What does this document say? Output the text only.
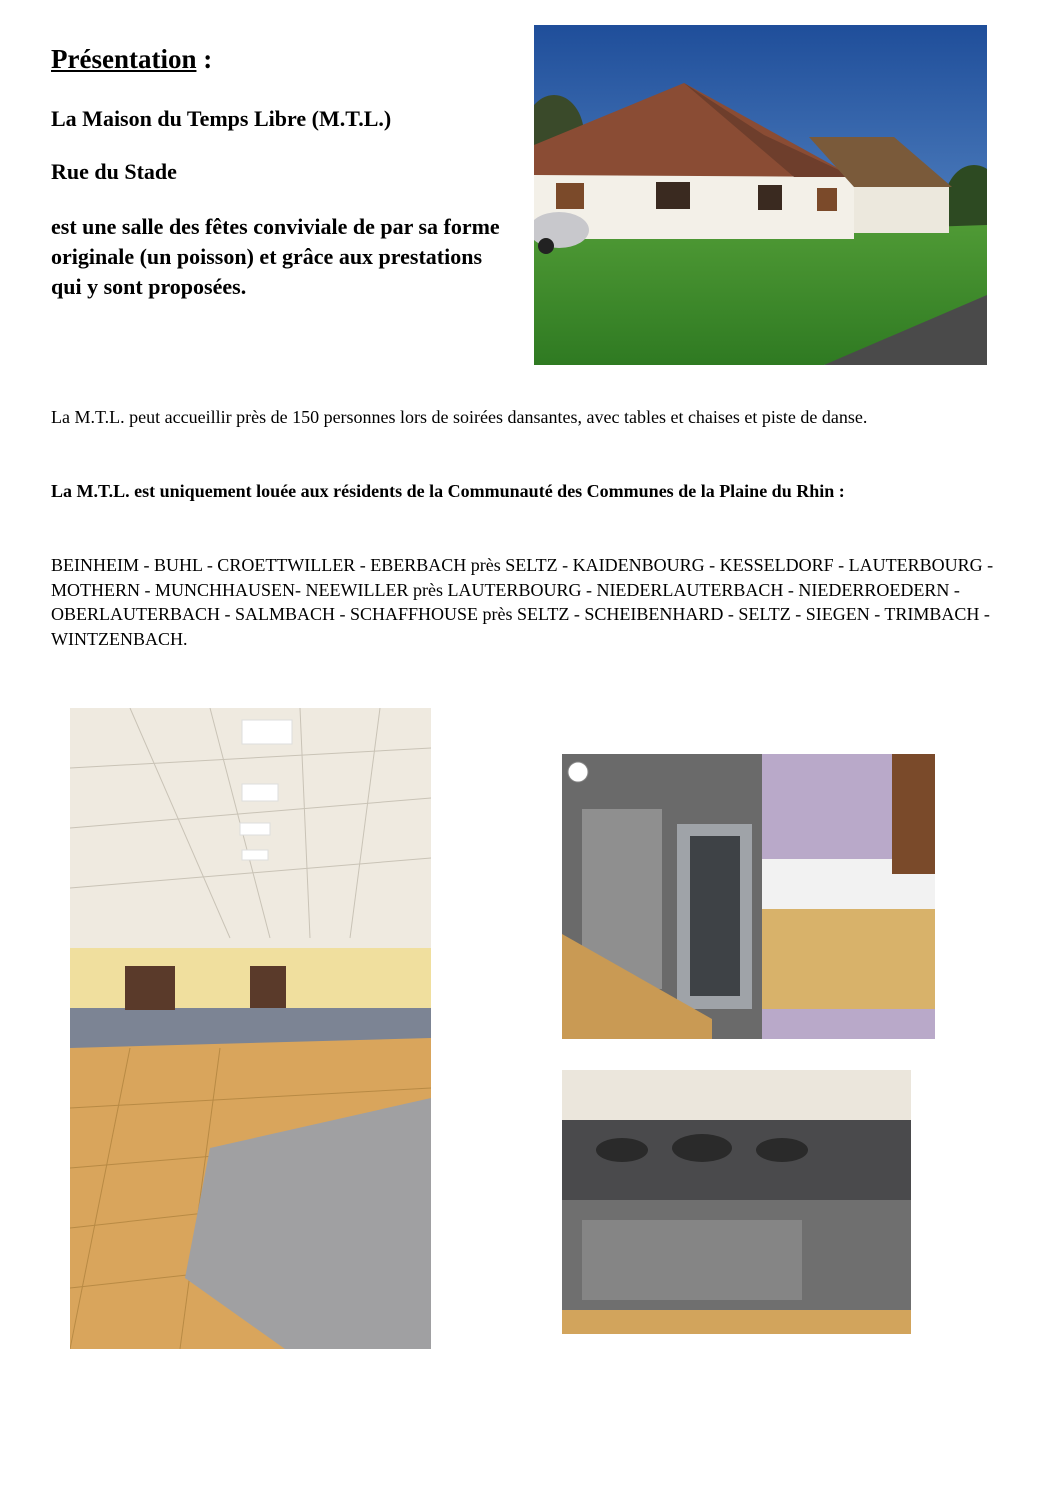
Présentation :
La Maison du Temps Libre (M.T.L.)
Rue du Stade
est une salle des fêtes conviviale de par sa forme originale (un poisson) et grâce aux prestations qui y sont proposées.
La M.T.L. peut accueillir près de 150 personnes lors de soirées dansantes, avec tables et chaises et piste de danse.
La M.T.L. est uniquement louée aux résidents de la Communauté des Communes de la Plaine du Rhin :
BEINHEIM - BUHL - CROETTWILLER - EBERBACH près SELTZ - KAIDENBOURG - KESSELDORF - LAUTERBOURG - MOTHERN - MUNCHHAUSEN- NEEWILLER près LAUTERBOURG - NIEDERLAUTERBACH - NIEDERROEDERN - OBERLAUTERBACH - SALMBACH - SCHAFFHOUSE près SELTZ - SCHEIBENHARD - SELTZ - SIEGEN - TRIMBACH - WINTZENBACH.
